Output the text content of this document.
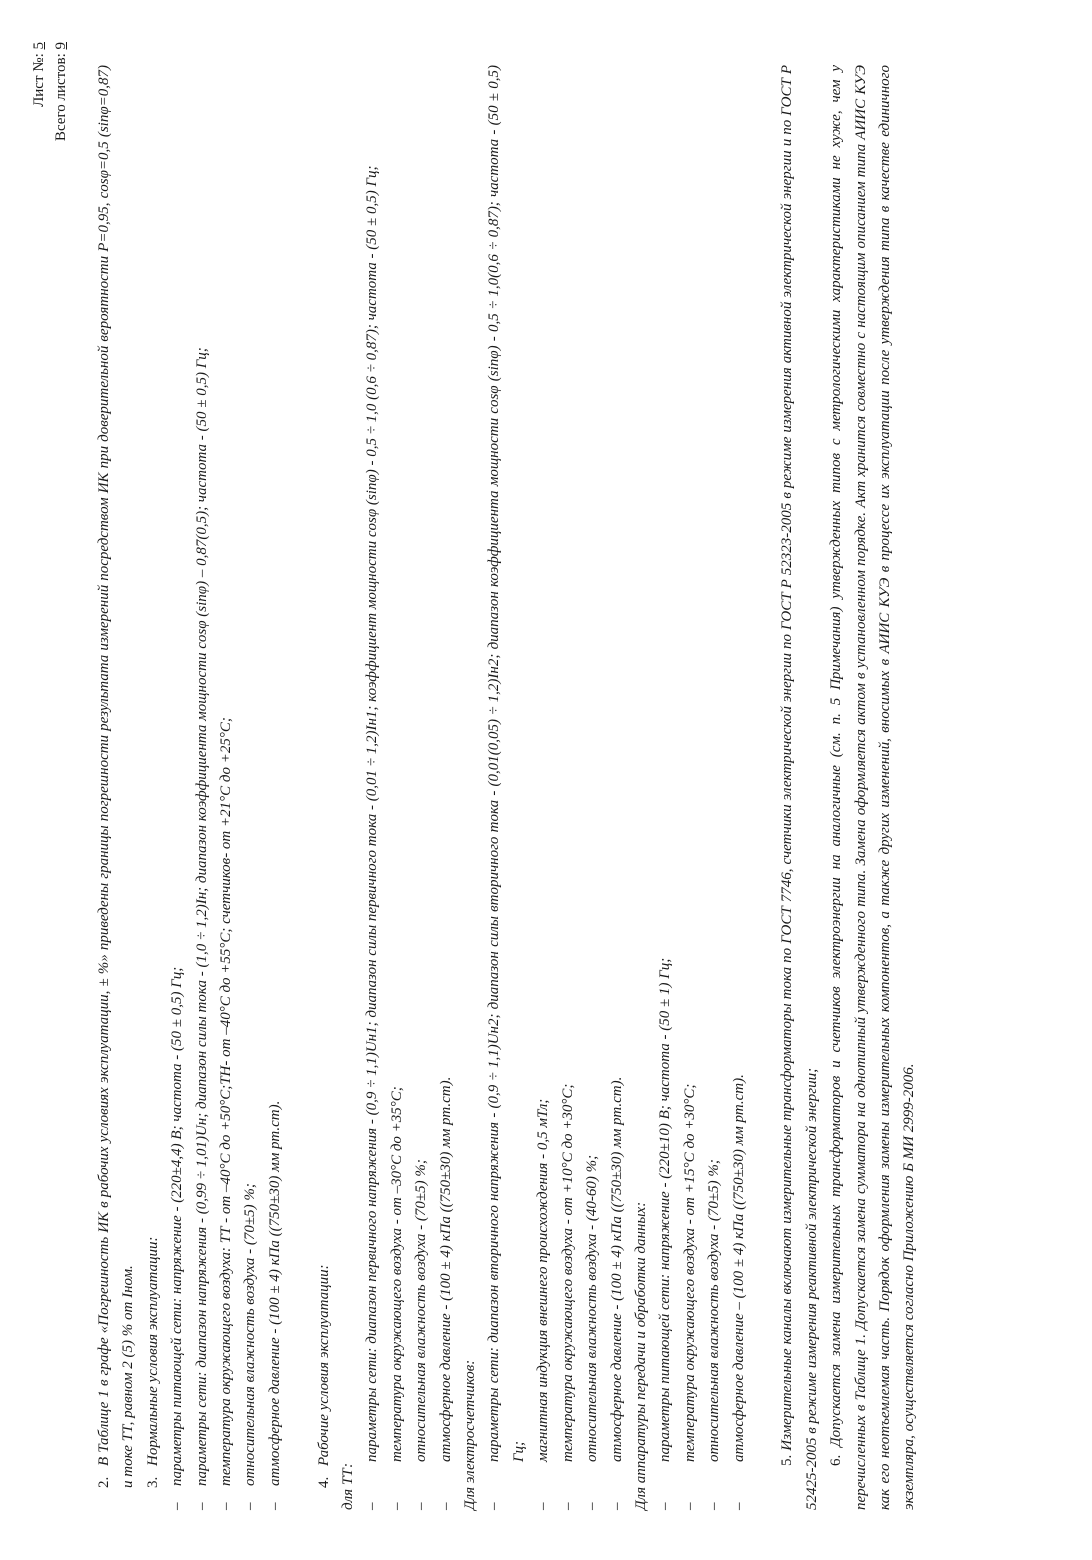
Лист №: 5
Всего листов: 9

2.В Таблице 1 в графе «Погрешность ИК в рабочих условиях эксплуатации, ± %» приведены границы погрешности результата измерений посредством ИК при доверительной вероятности P=0,95, cosφ=0,5 (sinφ=0,87) и токе ТТ, равном 2 (5) % от Iном. 3.Нормальные условия эксплуатации: – параметры питающей сети: напряжение - (220±4,4) В; частота - (50 ± 0,5) Гц; – параметры сети: диапазон напряжения - (0,99 ÷ 1,01)Uн; диапазон силы тока - (1,0 ÷ 1,2)Iн; диапазон коэффициента мощности cosφ (sinφ) – 0,87(0,5); частота - (50 ± 0,5) Гц; – температура окружающего воздуха: ТТ - от –40°С до +50°С;ТН- от –40°С до +55°С; счетчиков- от +21°С до +25°С; – относительная влажность воздуха - (70±5) %; – атмосферное давление - (100 ± 4) кПа ((750±30) мм рт.ст). 4.Рабочие условия эксплуатации:
для ТТ:
– параметры сети: диапазон первичного напряжения - (0,9 ÷ 1,1)Uн1; диапазон силы первичного тока - (0,01 ÷ 1,2)Iн1; коэффициент мощности cosφ (sinφ) - 0,5 ÷ 1,0 (0,6 ÷ 0,87); частота - (50 ± 0,5) Гц; – температура окружающего воздуха - от –30°С до +35°С; – относительная влажность воздуха - (70±5) %; – атмосферное давление - (100 ± 4) кПа ((750±30) мм рт.ст). Для электросчетчиков: – параметры сети: диапазон вторичного напряжения - (0,9 ÷ 1,1)Uн2; диапазон силы вторичного тока - (0,01(0,05) ÷ 1,2)Iн2; диапазон коэффициента мощности cosφ (sinφ) - 0,5 ÷ 1,0(0,6 ÷ 0,87); частота - (50 ± 0,5) Гц; – магнитная индукция внешнего происхождения - 0,5 мТл; – температура окружающего воздуха - от +10°С до +30°С; – относительная влажность воздуха - (40-60) %; – атмосферное давление - (100 ± 4) кПа ((750±30) мм рт.ст). Для аппаратуры передачи и обработки данных: – параметры питающей сети: напряжение - (220±10) В; частота - (50 ± 1) Гц; – температура окружающего воздуха - от +15°С до +30°С; – относительная влажность воздуха - (70±5) %; – атмосферное давление – (100 ± 4) кПа ((750±30) мм рт.ст). 5. Измерительные каналы включают измерительные трансформаторы тока по ГОСТ 7746, счетчики электрической энергии по ГОСТ Р 52323-2005 в режиме измерения активной электрической энергии и по ГОСТ Р 52425-2005 в режиме измерения реактивной электрической энергии; 6. Допускается замена измерительных трансформаторов и счетчиков электроэнергии на аналогичные (см. п. 5 Примечания) утвержденных типов с метрологическими характеристиками не хуже, чем у перечисленных в Таблице 1. Допускается замена сумматора на однотипный утвержденного типа. Замена оформляется актом в установленном порядке. Акт хранится совместно с настоящим описанием типа АИИС КУЭ как его неотъемлемая часть. Порядок оформления замены измерительных компонентов, а также других изменений, вносимых в АИИС КУЭ в процессе их эксплуатации после утверждения типа в качестве единичного экземпляра, осуществляется согласно Приложению Б МИ 2999-2006.
